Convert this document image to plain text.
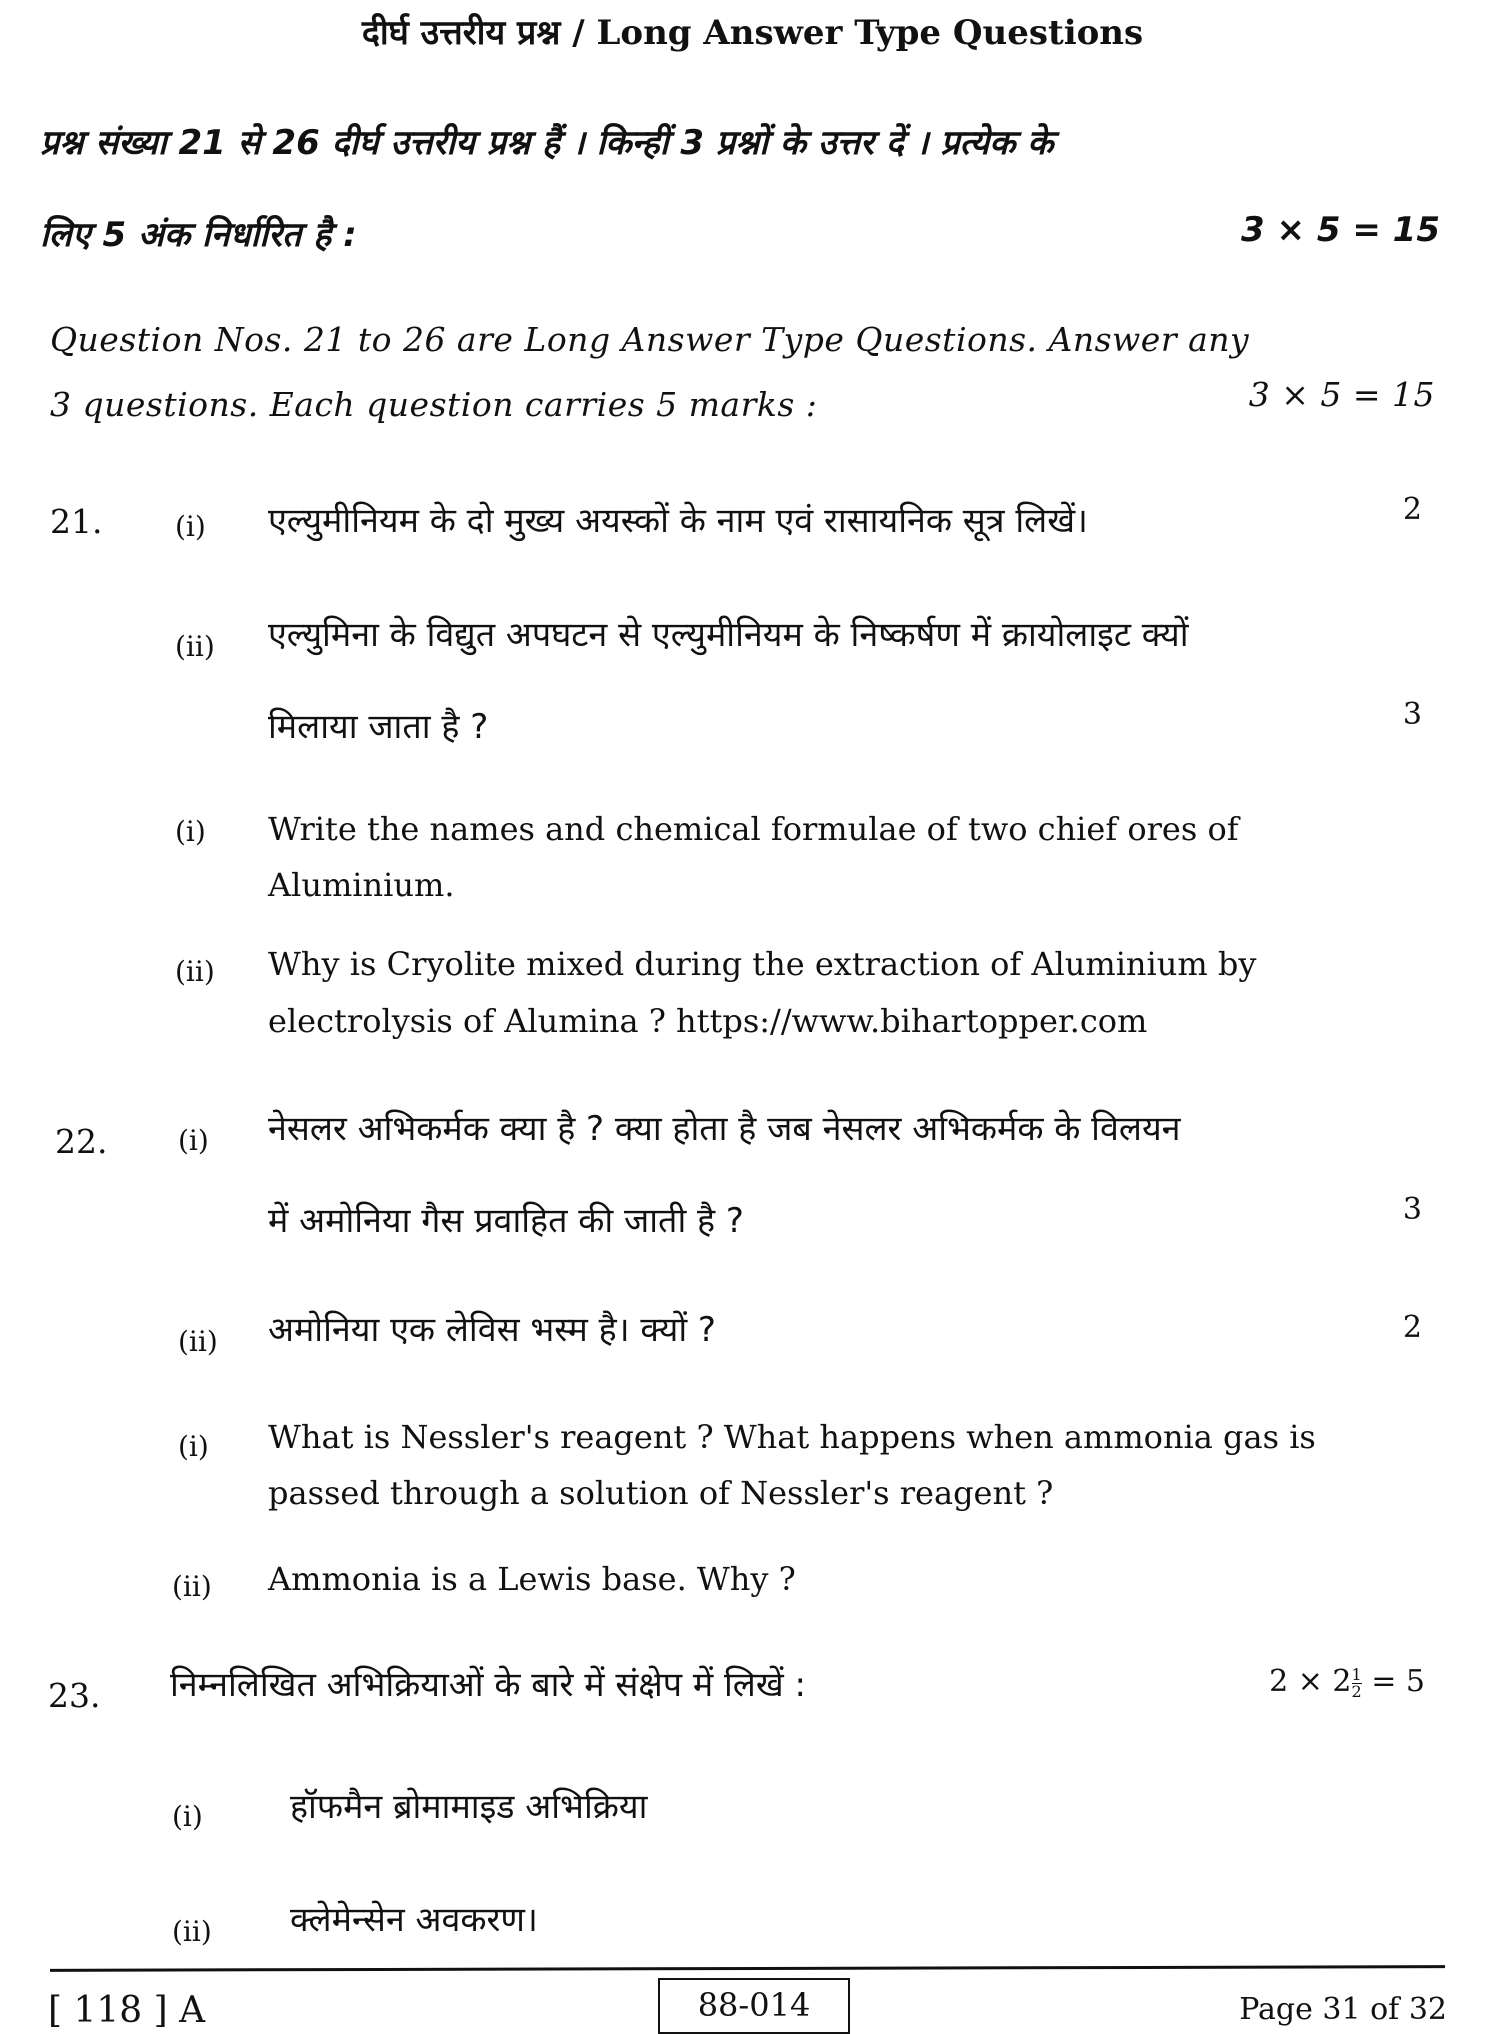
दीर्घ उत्तरीय प्रश्न / Long Answer Type Questions
प्रश्न संख्या 21 से 26 दीर्घ उत्तरीय प्रश्न हैं । किन्हीं 3 प्रश्नों के उत्तर दें । प्रत्येक के
लिए 5 अंक निर्धारित है :	3 × 5 = 15
Question Nos. 21 to 26 are Long Answer Type Questions. Answer any
3 questions. Each question carries 5 marks :	3 × 5 = 15
21.	(i) एल्युमीनियम के दो मुख्य अयस्कों के नाम एवं रासायनिक सूत्र लिखें।	2
(ii) एल्युमिना के विद्युत अपघटन से एल्युमीनियम के निष्कर्षण में क्रायोलाइट क्यों
मिलाया जाता है ?	3
(i) Write the names and chemical formulae of two chief ores of
Aluminium.
(ii) Why is Cryolite mixed during the extraction of Aluminium by
electrolysis of Alumina ? https://www.bihartopper.com
22.	(i) नेसलर अभिकर्मक क्या है ? क्या होता है जब नेसलर अभिकर्मक के विलयन
में अमोनिया गैस प्रवाहित की जाती है ?	3
(ii) अमोनिया एक लेविस भस्म है। क्यों ?	2
(i) What is Nessler's reagent ? What happens when ammonia gas is
passed through a solution of Nessler's reagent ?
(ii) Ammonia is a Lewis base. Why ?
23. निम्नलिखित अभिक्रियाओं के बारे में संक्षेप में लिखें :	$2 \times 2 \frac{1}{2} = 5$
(i)	हॉफमैन ब्रोमामाइड अभिक्रिया
(ii) क्लेमेन्सेन अवकरण।
[ 118 ] A	88-014	Page 31 of 32
